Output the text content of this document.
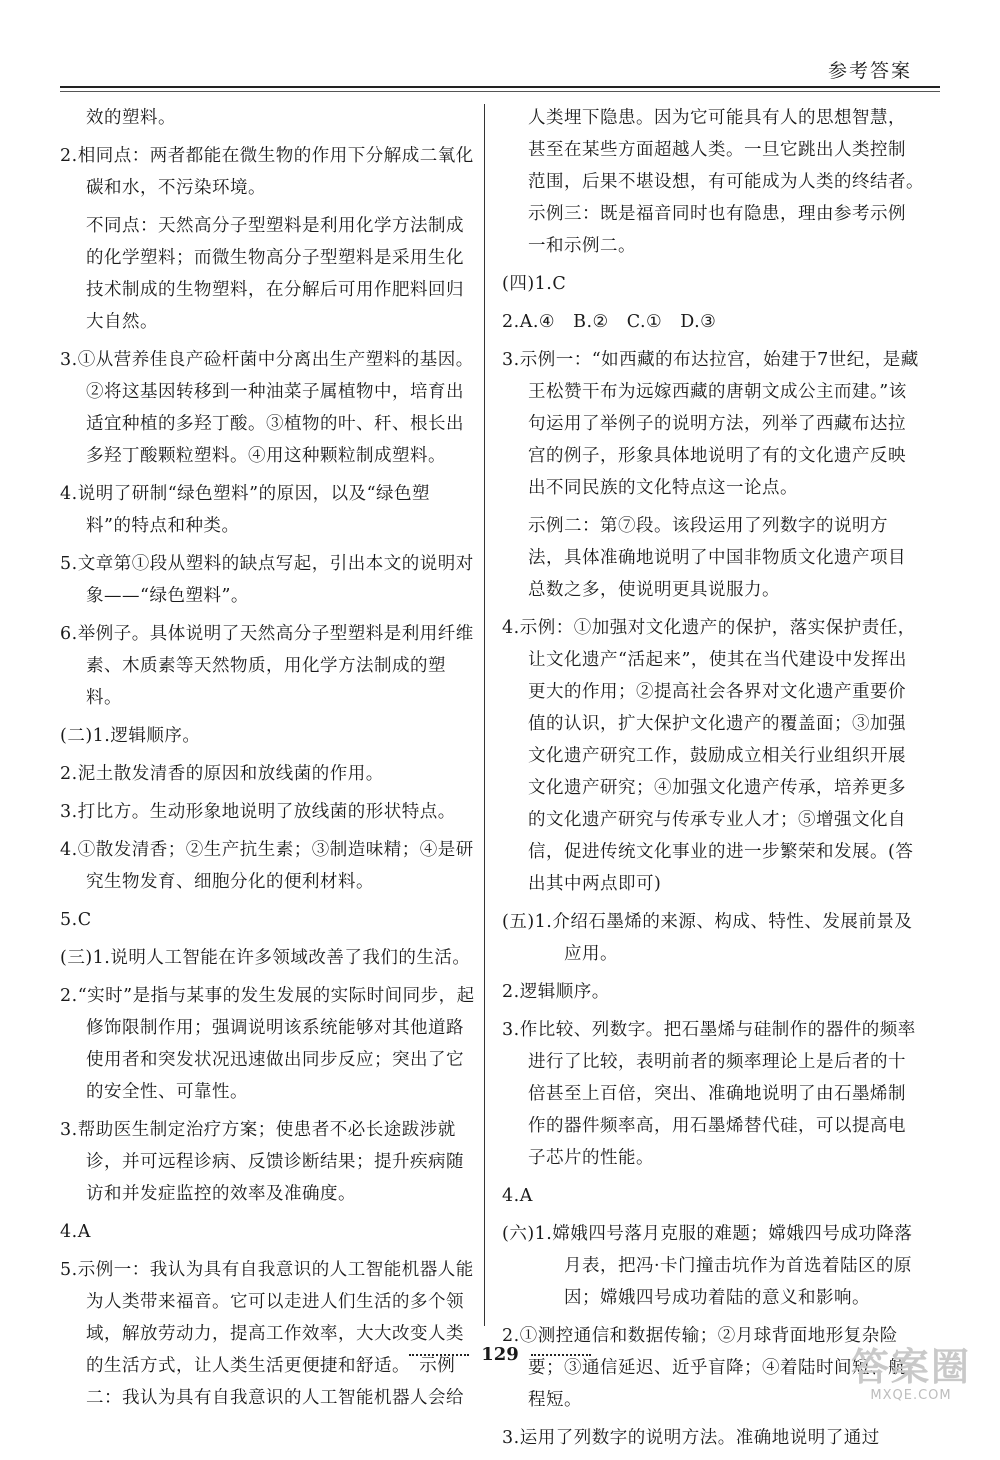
参考答案
效的塑料。
2.相同点：两者都能在微生物的作用下分解成二氧化碳和水，不污染环境。
不同点：天然高分子型塑料是利用化学方法制成的化学塑料；而微生物高分子型塑料是采用生化技术制成的生物塑料，在分解后可用作肥料回归大自然。
3.①从营养佳良产硷杆菌中分离出生产塑料的基因。②将这基因转移到一种油菜子属植物中，培育出适宜种植的多羟丁酸。③植物的叶、秆、根长出多羟丁酸颗粒塑料。④用这种颗粒制成塑料。
4.说明了研制“绿色塑料”的原因，以及“绿色塑料”的特点和种类。
5.文章第①段从塑料的缺点写起，引出本文的说明对象——“绿色塑料”。
6.举例子。具体说明了天然高分子型塑料是利用纤维素、木质素等天然物质，用化学方法制成的塑料。
(二)1.逻辑顺序。
2.泥土散发清香的原因和放线菌的作用。
3.打比方。生动形象地说明了放线菌的形状特点。
4.①散发清香；②生产抗生素；③制造味精；④是研究生物发育、细胞分化的便利材料。
5.C
(三)1.说明人工智能在许多领域改善了我们的生活。
2.“实时”是指与某事的发生发展的实际时间同步，起修饰限制作用；强调说明该系统能够对其他道路使用者和突发状况迅速做出同步反应；突出了它的安全性、可靠性。
3.帮助医生制定治疗方案；使患者不必长途跋涉就诊，并可远程诊病、反馈诊断结果；提升疾病随访和并发症监控的效率及准确度。
4.A
5.示例一：我认为具有自我意识的人工智能机器人能为人类带来福音。它可以走进人们生活的多个领域，解放劳动力，提高工作效率，大大改变人类的生活方式，让人类生活更便捷和舒适。　示例二：我认为具有自我意识的人工智能机器人会给
人类埋下隐患。因为它可能具有人的思想智慧，甚至在某些方面超越人类。一旦它跳出人类控制范围，后果不堪设想，有可能成为人类的终结者。　示例三：既是福音同时也有隐患，理由参考示例一和示例二。
(四)1.C
2.A.④　B.②　C.①　D.③
3.示例一：“如西藏的布达拉宫，始建于7世纪，是藏王松赞干布为远嫁西藏的唐朝文成公主而建。”该句运用了举例子的说明方法，列举了西藏布达拉宫的例子，形象具体地说明了有的文化遗产反映出不同民族的文化特点这一论点。
示例二：第⑦段。该段运用了列数字的说明方法，具体准确地说明了中国非物质文化遗产项目总数之多，使说明更具说服力。
4.示例：①加强对文化遗产的保护，落实保护责任，让文化遗产“活起来”，使其在当代建设中发挥出更大的作用；②提高社会各界对文化遗产重要价值的认识，扩大保护文化遗产的覆盖面；③加强文化遗产研究工作，鼓励成立相关行业组织开展文化遗产研究；④加强文化遗产传承，培养更多的文化遗产研究与传承专业人才；⑤增强文化自信，促进传统文化事业的进一步繁荣和发展。(答出其中两点即可)
(五)1.介绍石墨烯的来源、构成、特性、发展前景及应用。
2.逻辑顺序。
3.作比较、列数字。把石墨烯与硅制作的器件的频率进行了比较，表明前者的频率理论上是后者的十倍甚至上百倍，突出、准确地说明了由石墨烯制作的器件频率高，用石墨烯替代硅，可以提高电子芯片的性能。
4.A
(六)1.嫦娥四号落月克服的难题；嫦娥四号成功降落月表，把冯·卡门撞击坑作为首选着陆区的原因；嫦娥四号成功着陆的意义和影响。
2.①测控通信和数据传输；②月球背面地形复杂险要；③通信延迟、近乎盲降；④着陆时间短、航程短。
3.运用了列数字的说明方法。准确地说明了通过
129	答案圈
MXQE.COM
